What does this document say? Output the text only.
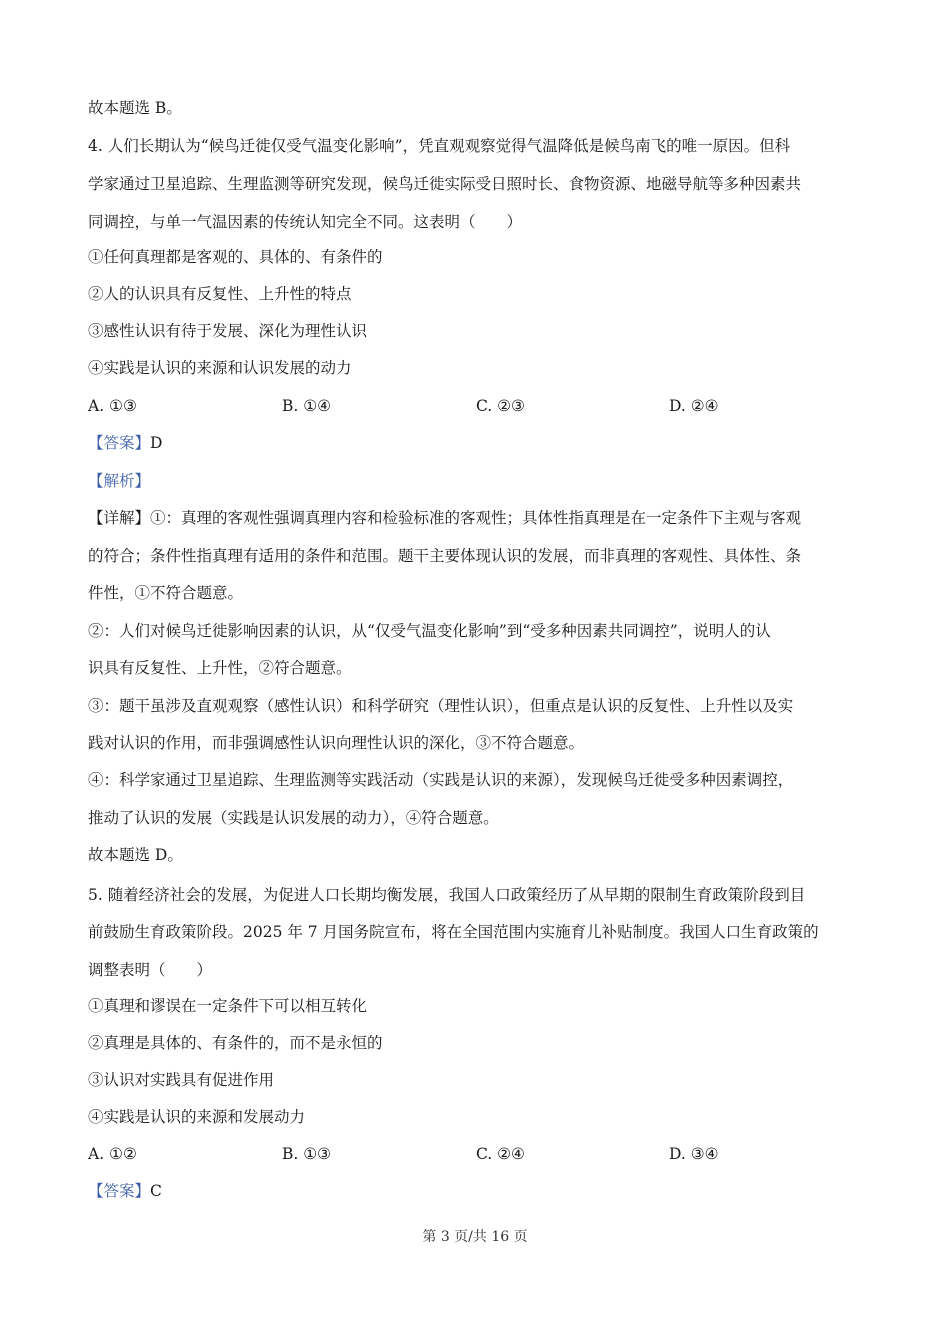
故本题选 B。
4. 人们长期认为“候鸟迁徙仅受气温变化影响”，凭直观观察觉得气温降低是候鸟南飞的唯一原因。但科
学家通过卫星追踪、生理监测等研究发现，候鸟迁徙实际受日照时长、食物资源、地磁导航等多种因素共
同调控，与单一气温因素的传统认知完全不同。这表明（　　）
①任何真理都是客观的、具体的、有条件的
②人的认识具有反复性、上升性的特点
③感性认识有待于发展、深化为理性认识
④实践是认识的来源和认识发展的动力
A. ①③	B. ①④	C. ②③	D. ②④
【答案】D
【解析】
【详解】①：真理的客观性强调真理内容和检验标准的客观性；具体性指真理是在一定条件下主观与客观
的符合；条件性指真理有适用的条件和范围。题干主要体现认识的发展，而非真理的客观性、具体性、条
件性，①不符合题意。
②：人们对候鸟迁徙影响因素的认识，从“仅受气温变化影响”到“受多种因素共同调控”，说明人的认
识具有反复性、上升性，②符合题意。
③：题干虽涉及直观观察（感性认识）和科学研究（理性认识），但重点是认识的反复性、上升性以及实
践对认识的作用，而非强调感性认识向理性认识的深化，③不符合题意。
④：科学家通过卫星追踪、生理监测等实践活动（实践是认识的来源），发现候鸟迁徙受多种因素调控，
推动了认识的发展（实践是认识发展的动力），④符合题意。
故本题选 D。
5. 随着经济社会的发展，为促进人口长期均衡发展，我国人口政策经历了从早期的限制生育政策阶段到目
前鼓励生育政策阶段。2025 年 7 月国务院宣布，将在全国范围内实施育儿补贴制度。我国人口生育政策的
调整表明（　　）
①真理和谬误在一定条件下可以相互转化
②真理是具体的、有条件的，而不是永恒的
③认识对实践具有促进作用
④实践是认识的来源和发展动力
A. ①②	B. ①③	C. ②④	D. ③④
【答案】C
第 3 页/共 16 页
